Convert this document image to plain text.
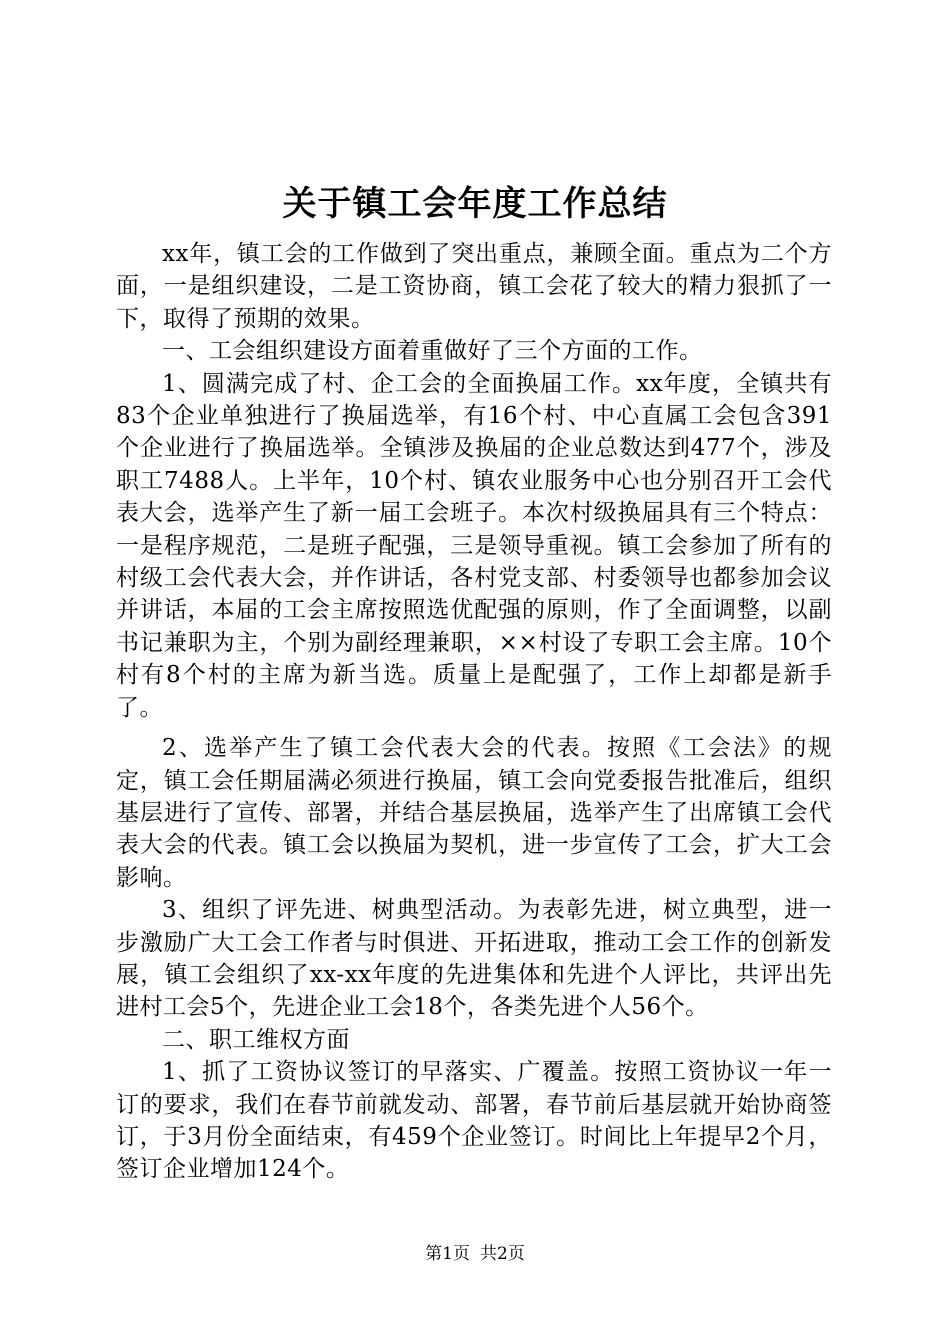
关于镇工会年度工作总结

xx年，镇工会的工作做到了突出重点，兼顾全面。重点为二个方面，一是组织建设，二是工资协商，镇工会花了较大的精力狠抓了一下，取得了预期的效果。

一、工会组织建设方面着重做好了三个方面的工作。

1、圆满完成了村、企工会的全面换届工作。xx年度，全镇共有83个企业单独进行了换届选举，有16个村、中心直属工会包含391个企业进行了换届选举。全镇涉及换届的企业总数达到477个，涉及职工7488人。上半年，10个村、镇农业服务中心也分别召开工会代表大会，选举产生了新一届工会班子。本次村级换届具有三个特点：一是程序规范，二是班子配强，三是领导重视。镇工会参加了所有的村级工会代表大会，并作讲话，各村党支部、村委领导也都参加会议并讲话，本届的工会主席按照选优配强的原则，作了全面调整，以副书记兼职为主，个别为副经理兼职，××村设了专职工会主席。10个村有8个村的主席为新当选。质量上是配强了，工作上却都是新手了。

2、选举产生了镇工会代表大会的代表。按照《工会法》的规定，镇工会任期届满必须进行换届，镇工会向党委报告批准后，组织基层进行了宣传、部署，并结合基层换届，选举产生了出席镇工会代表大会的代表。镇工会以换届为契机，进一步宣传了工会，扩大工会影响。

3、组织了评先进、树典型活动。为表彰先进，树立典型，进一步激励广大工会工作者与时俱进、开拓进取，推动工会工作的创新发展，镇工会组织了xx-xx年度的先进集体和先进个人评比，共评出先进村工会5个，先进企业工会18个，各类先进个人56个。

二、职工维权方面

1、抓了工资协议签订的早落实、广覆盖。按照工资协议一年一订的要求，我们在春节前就发动、部署，春节前后基层就开始协商签订，于3月份全面结束，有459个企业签订。时间比上年提早2个月，签订企业增加124个。

第1页 共2页
